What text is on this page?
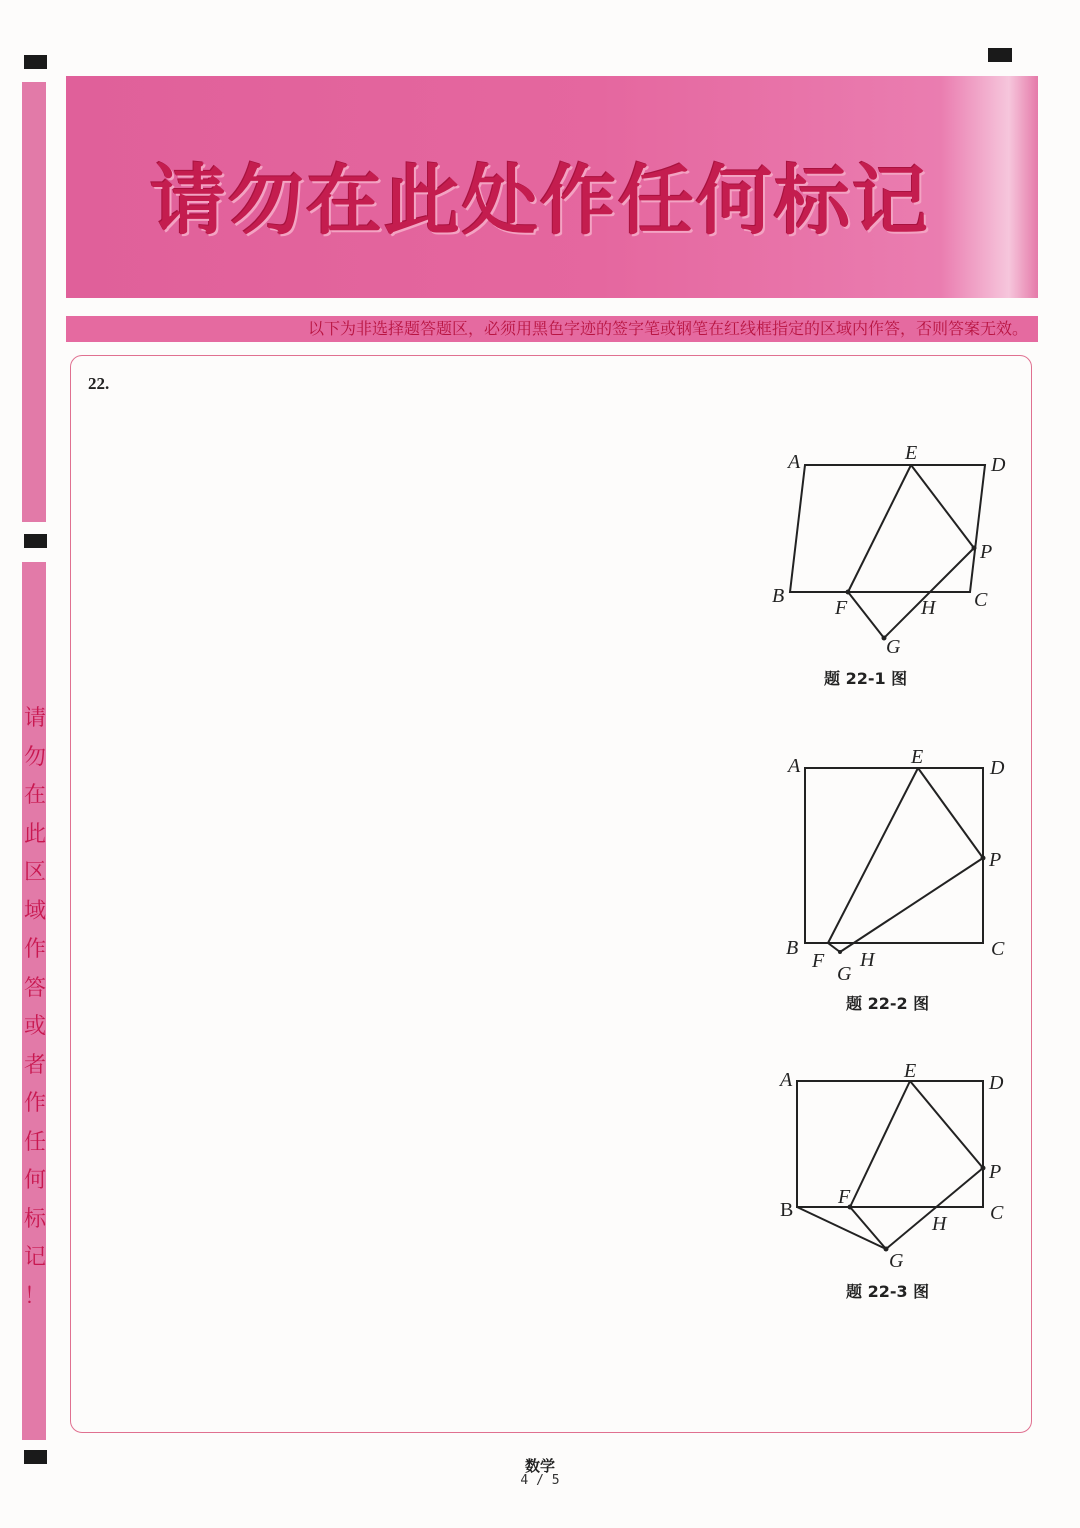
请
勿
在
此
区
域
作
答
或
者
作
任
何
标
记
！
请勿在此处作任何标记
以下为非选择题答题区，必须用黑色字迹的签字笔或钢笔在红线框指定的区域内作答，否则答案无效。
22.
A	E
D
P
B
F	H C
G
题 22-1 图
A	E	D
P
B
F
G
H	C
题 22-2 图
A	E
D
P
B
F
H C
G
题 22-3 图
数学
4 / 5
